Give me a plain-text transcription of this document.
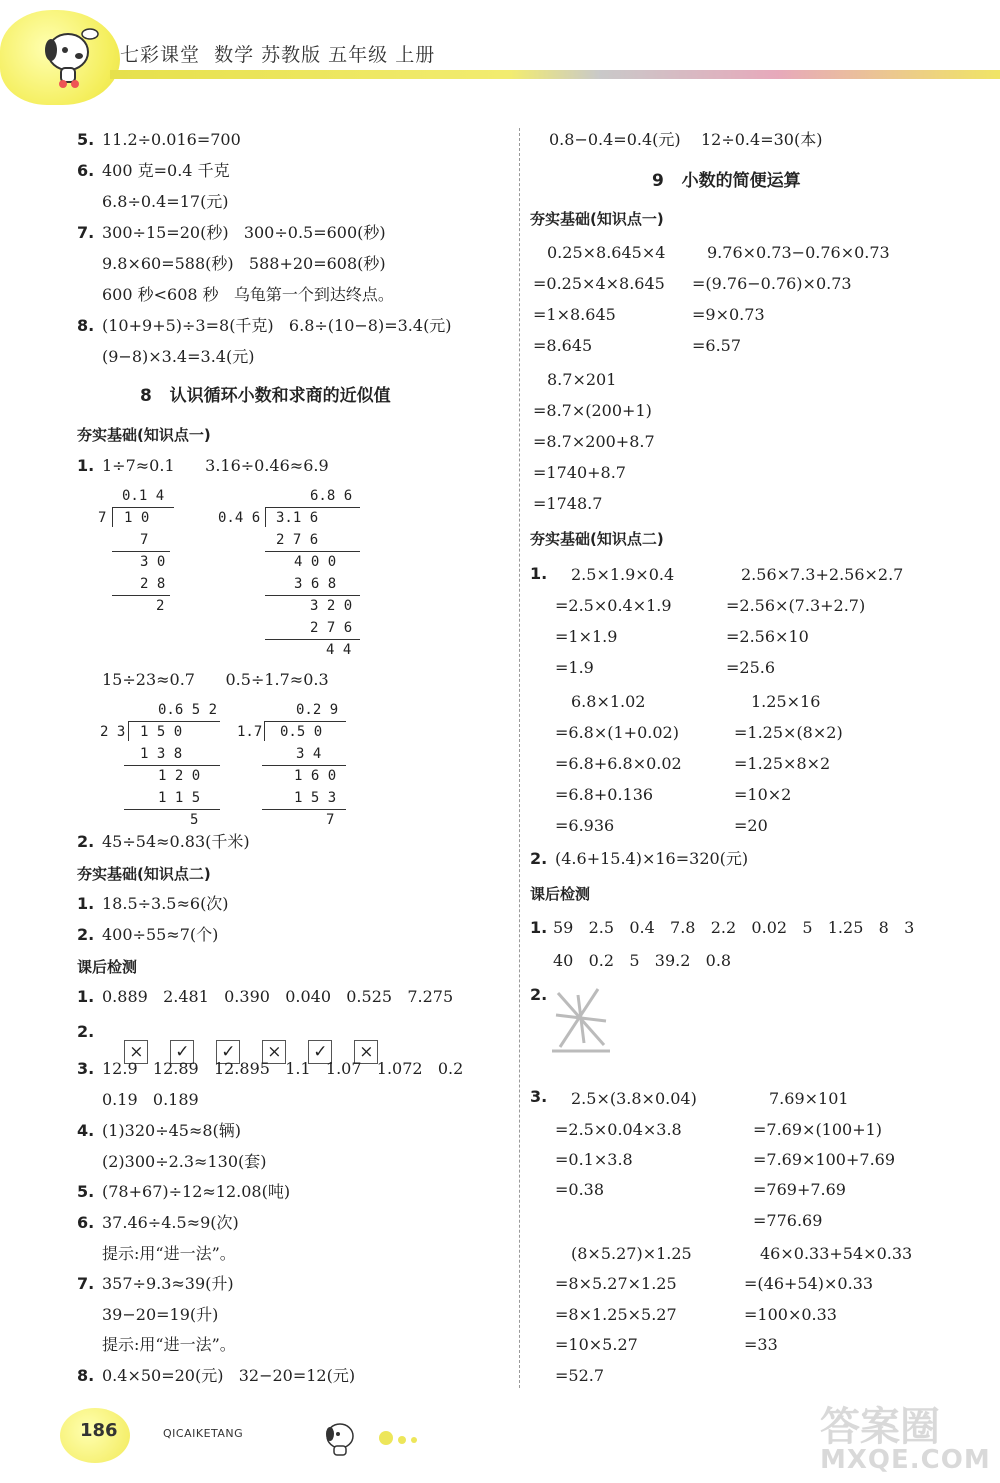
七彩课堂  数学 苏教版 五年级 上册
5. 11.2÷0.016=700
6. 400 克=0.4 千克
6.8÷0.4=17(元)
7. 300÷15=20(秒)   300÷0.5=600(秒)
9.8×60=588(秒)   588+20=608(秒)
600 秒<608 秒   乌龟第一个到达终点。
8. (10+9+5)÷3=8(千克)   6.8÷(10−8)=3.4(元)
(9−8)×3.4=3.4(元)
8   认识循环小数和求商的近似值
夯实基础(知识点一)
1. 1÷7≈0.1      3.16÷0.46≈6.9
0.1 4
7 1 0
7
3 0
2 8
2
6.8 6
0.4 6 3.1 6
2 7 6
4 0 0
3 6 8
3 2 0
2 7 6
4 4
15÷23≈0.7      0.5÷1.7≈0.3
0.6 5 2
2 3 1 5 0
1 3 8
1 2 0
1 1 5
5
0.2 9
1.7 0.5 0
3 4
1 6 0
1 5 3
7
2. 45÷54≈0.83(千米)
夯实基础(知识点二)
1. 18.5÷3.5≈6(次)
2. 400÷55≈7(个)
课后检测
1. 0.889   2.481   0.390   0.040   0.525   7.275
2.

× ✓ ✓ × ✓ ×

3. 12.9   12.89   12.895   1.1   1.07   1.072   0.2
0.19   0.189
4. (1)320÷45≈8(辆)
(2)300÷2.3≈130(套)
5. (78+67)÷12≈12.08(吨)
6. 37.46÷4.5≈9(次)
提示:用“进一法”。
7. 357÷9.3≈39(升)
39−20=19(升)
提示:用“进一法”。
8. 0.4×50=20(元)   32−20=12(元)
0.8−0.4=0.4(元)    12÷0.4=30(本)
9   小数的简便运算
夯实基础(知识点一)
0.25×8.645×4
=0.25×4×8.645
=1×8.645
=8.645
9.76×0.73−0.76×0.73
=(9.76−0.76)×0.73
=9×0.73
=6.57
8.7×201
=8.7×(200+1)
=8.7×200+8.7
=1740+8.7
=1748.7
夯实基础(知识点二)
1. 2.5×1.9×0.4
=2.5×0.4×1.9
=1×1.9
=1.9
2.56×7.3+2.56×2.7
=2.56×(7.3+2.7)
=2.56×10
=25.6
6.8×1.02
=6.8×(1+0.02)
=6.8+6.8×0.02
=6.8+0.136
=6.936
1.25×16
=1.25×(8×2)
=1.25×8×2
=10×2
=20
2. (4.6+15.4)×16=320(元)
课后检测
1. 59   2.5   0.4   7.8   2.2   0.02   5   1.25   8   3
40   0.2   5   39.2   0.8
2.
3. 2.5×(3.8×0.04)
=2.5×0.04×3.8
=0.1×3.8
=0.38
7.69×101
=7.69×(100+1)
=7.69×100+7.69
=769+7.69
=776.69
(8×5.27)×1.25
=8×5.27×1.25
=8×1.25×5.27
=10×5.27
=52.7
46×0.33+54×0.33
=(46+54)×0.33
=100×0.33
=33
186	QICAIKETANG	答案圈
MXQE.COM
